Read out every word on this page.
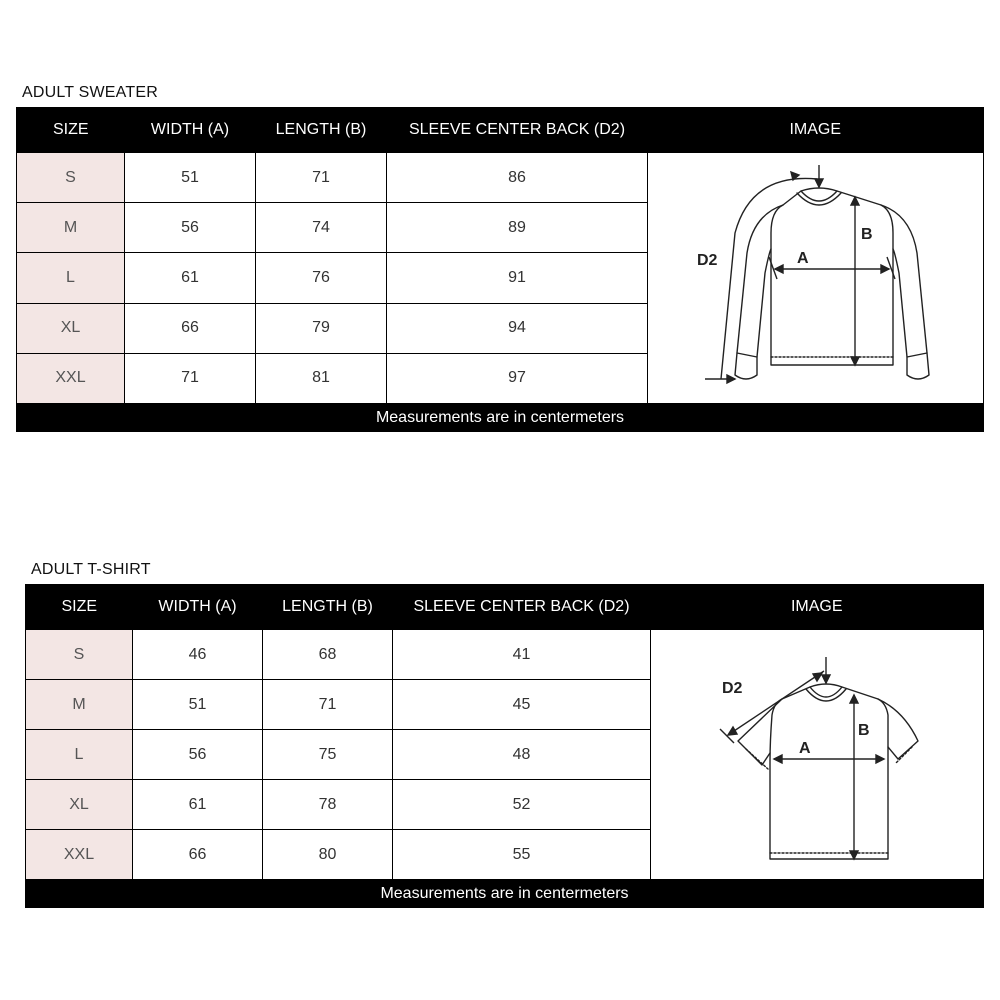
ADULT SWEATER
SIZE	WIDTH (A)	LENGTH (B)	SLEEVE CENTER BACK (D2)	IMAGE
S	51	71	86	A
B
D2

M	56	74	89	
L	61	76	91	
XL	66	79	94	
XXL	71	81	97	
Measurements are in centermeters				
ADULT T-SHIRT
SIZE	WIDTH (A)	LENGTH (B)	SLEEVE CENTER BACK (D2)	IMAGE
S	46	68	41	A
B
D2

M	51	71	45	
L	56	75	48	
XL	61	78	52	
XXL	66	80	55	
Measurements are in centermeters				
